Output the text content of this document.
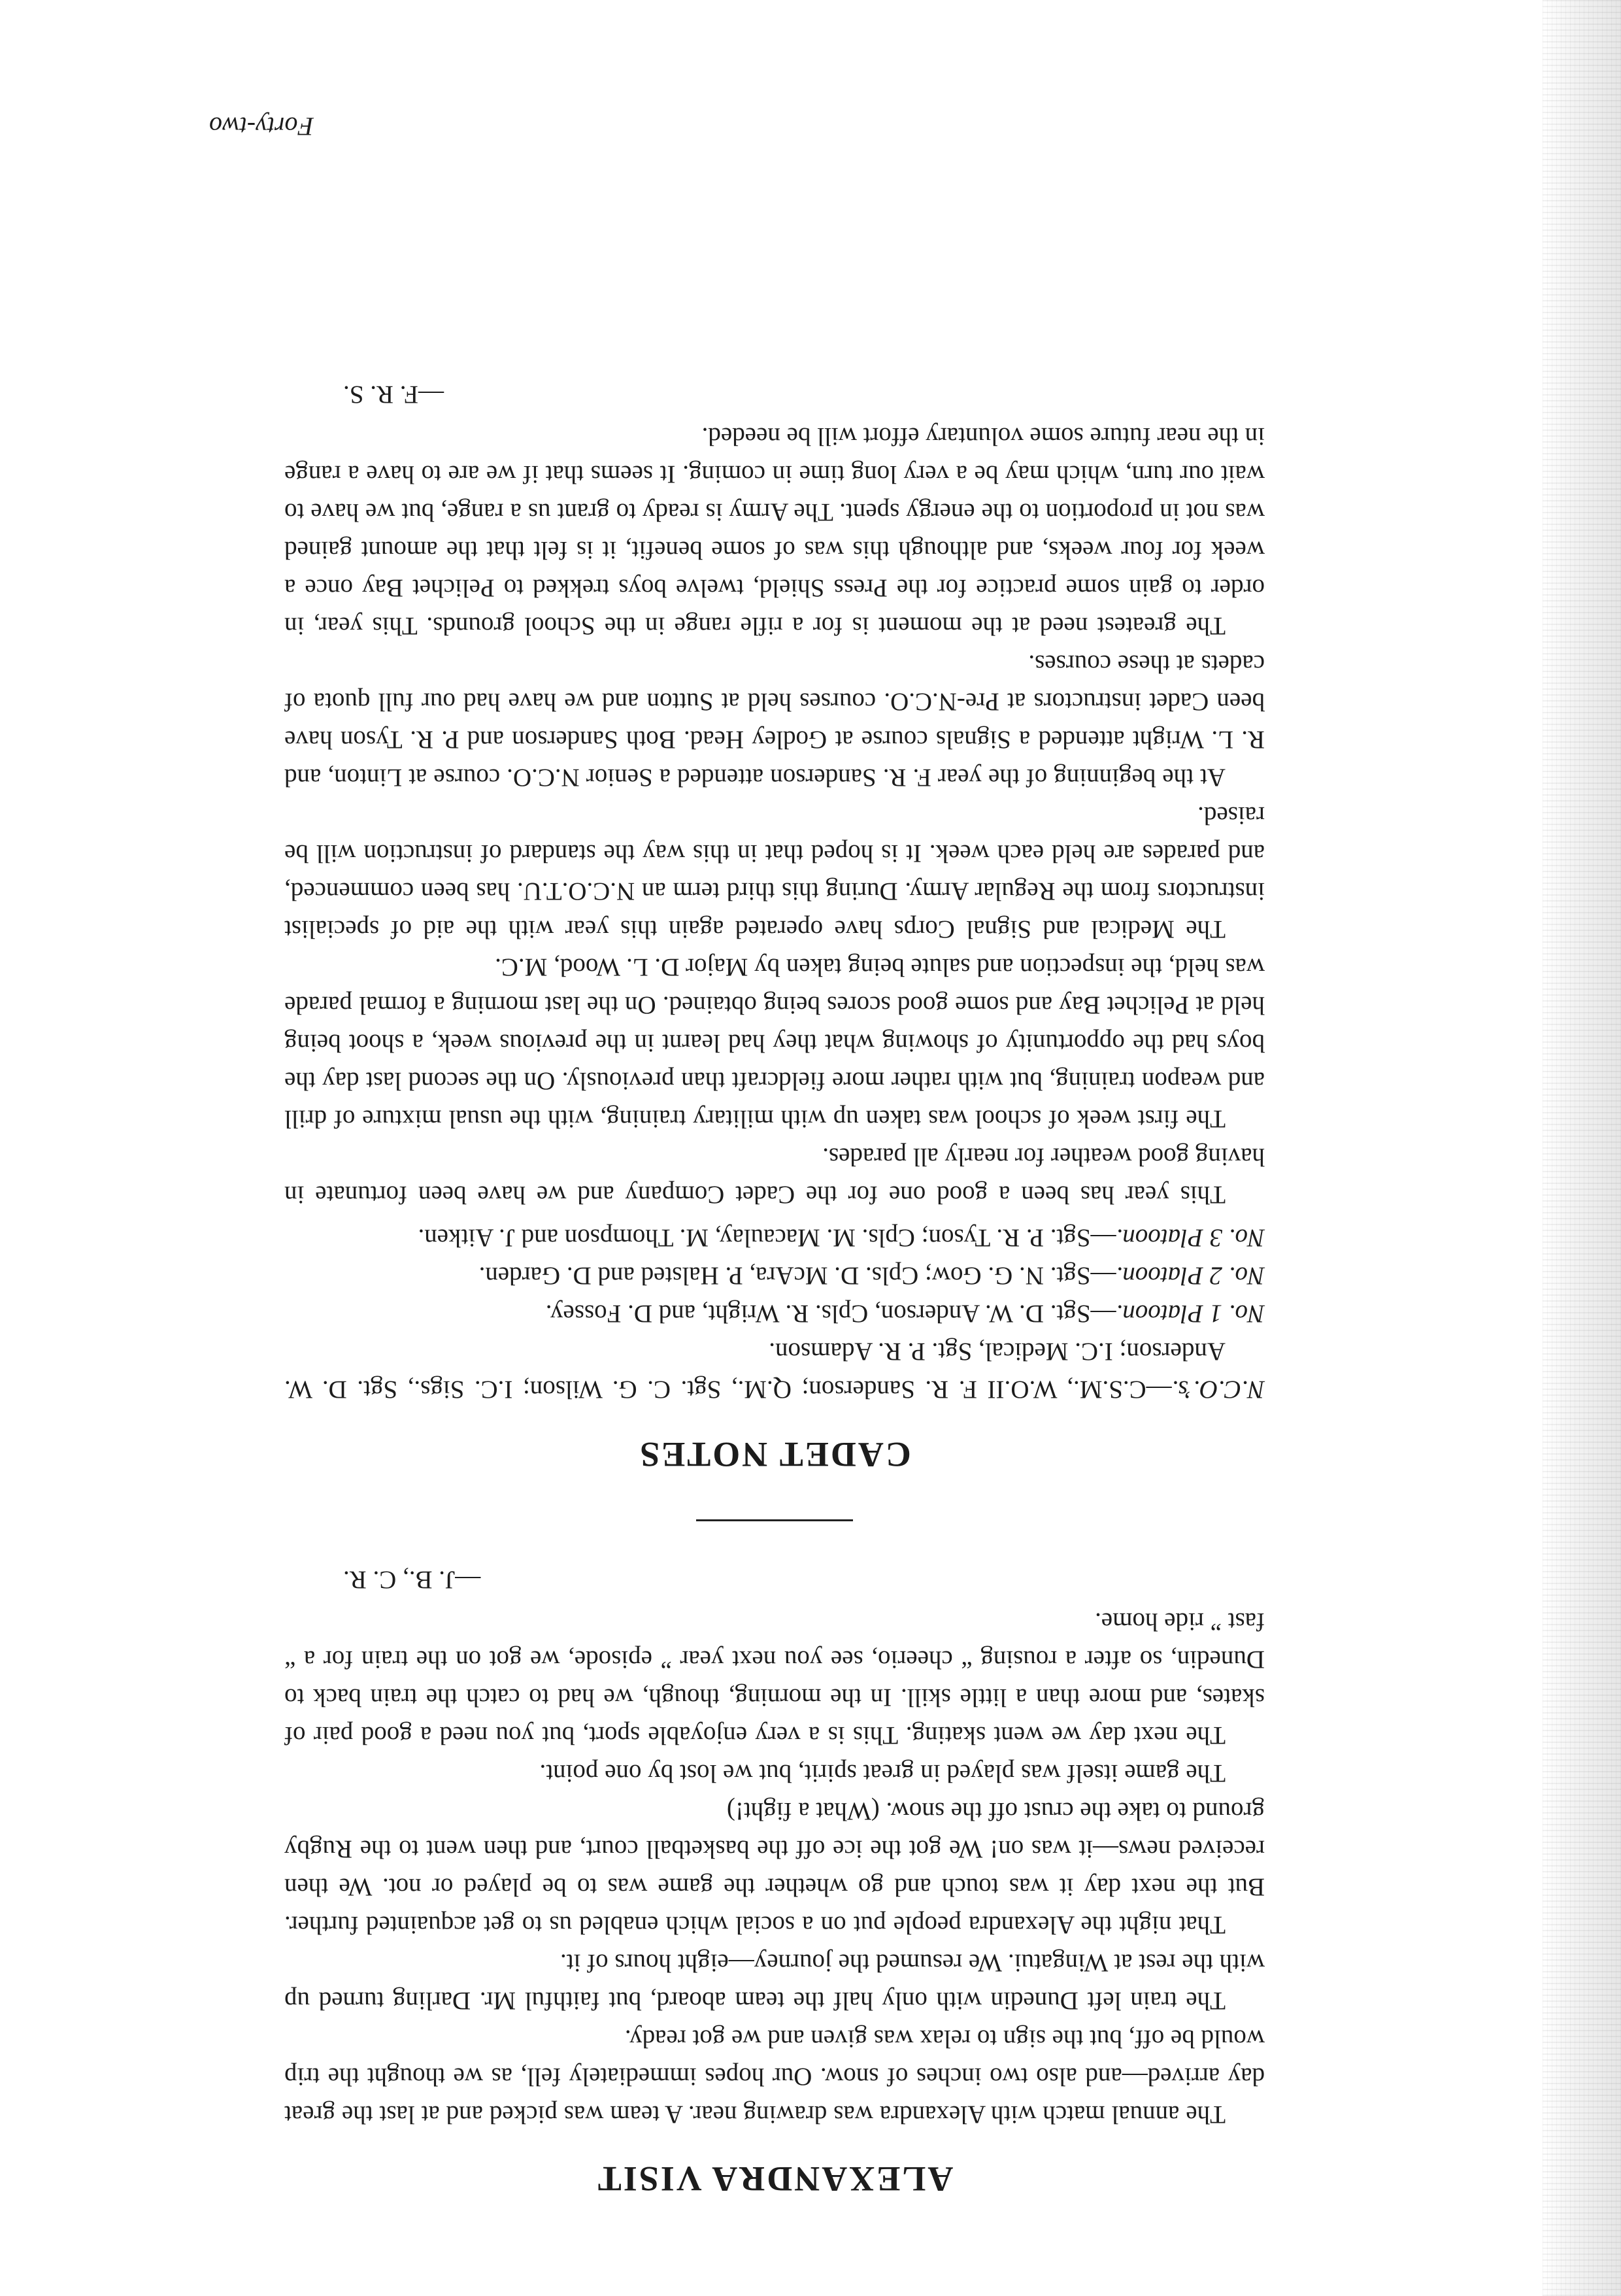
ALEXANDRA VISIT

The annual match with Alexandra was drawing near. A team was picked and at last the great day arrived—and also two inches of snow. Our hopes immediately fell, as we thought the trip would be off, but the sign to relax was given and we got ready.

The train left Dunedin with only half the team aboard, but faithful Mr. Darling turned up with the rest at Wingatui. We resumed the journey—eight hours of it.

That night the Alexandra people put on a social which enabled us to get acquainted further. But the next day it was touch and go whether the game was to be played or not. We then received news—it was on! We got the ice off the basketball court, and then went to the Rugby ground to take the crust off the snow. (What a fight!)

The game itself was played in great spirit, but we lost by one point.

The next day we went skating. This is a very enjoyable sport, but you need a good pair of skates, and more than a little skill. In the morning, though, we had to catch the train back to Dunedin, so after a rousing “ cheerio, see you next year ” episode, we got on the train for a “ fast ” ride home.

—J. B., C. R.
CADET NOTES

N.C.O.’s.—C.S.M., W.O.II F. R. Sanderson; Q.M., Sgt. C. G. Wilson; I.C. Sigs., Sgt. D. W. Anderson; I.C. Medical, Sgt. P. R. Adamson.

No. 1 Platoon.—Sgt. D. W. Anderson, Cpls. R. Wright, and D. Fossey.

No. 2 Platoon.—Sgt. N. G. Gow; Cpls. D. McAra, P. Halsted and D. Garden.

No. 3 Platoon.—Sgt. P. R. Tyson; Cpls. M. Macaulay, M. Thompson and J. Aitken.

This year has been a good one for the Cadet Company and we have been fortunate in having good weather for nearly all parades.

The first week of school was taken up with military training, with the usual mixture of drill and weapon training, but with rather more fieldcraft than previously. On the second last day the boys had the opportunity of showing what they had learnt in the previous week, a shoot being held at Pelichet Bay and some good scores being obtained. On the last morning a formal parade was held, the inspection and salute being taken by Major D. L. Wood, M.C.

The Medical and Signal Corps have operated again this year with the aid of specialist instructors from the Regular Army. During this third term an N.C.O.T.U. has been commenced, and parades are held each week. It is hoped that in this way the standard of instruction will be raised.

At the beginning of the year F. R. Sanderson attended a Senior N.C.O. course at Linton, and R. L. Wright attended a Signals course at Godley Head. Both Sanderson and P. R. Tyson have been Cadet instructors at Pre-N.C.O. courses held at Sutton and we have had our full quota of cadets at these courses.

The greatest need at the moment is for a rifle range in the School grounds. This year, in order to gain some practice for the Press Shield, twelve boys trekked to Pelichet Bay once a week for four weeks, and although this was of some benefit, it is felt that the amount gained was not in proportion to the energy spent. The Army is ready to grant us a range, but we have to wait our turn, which may be a very long time in coming. It seems that if we are to have a range in the near future some voluntary effort will be needed.

—F. R. S.
Forty-two
